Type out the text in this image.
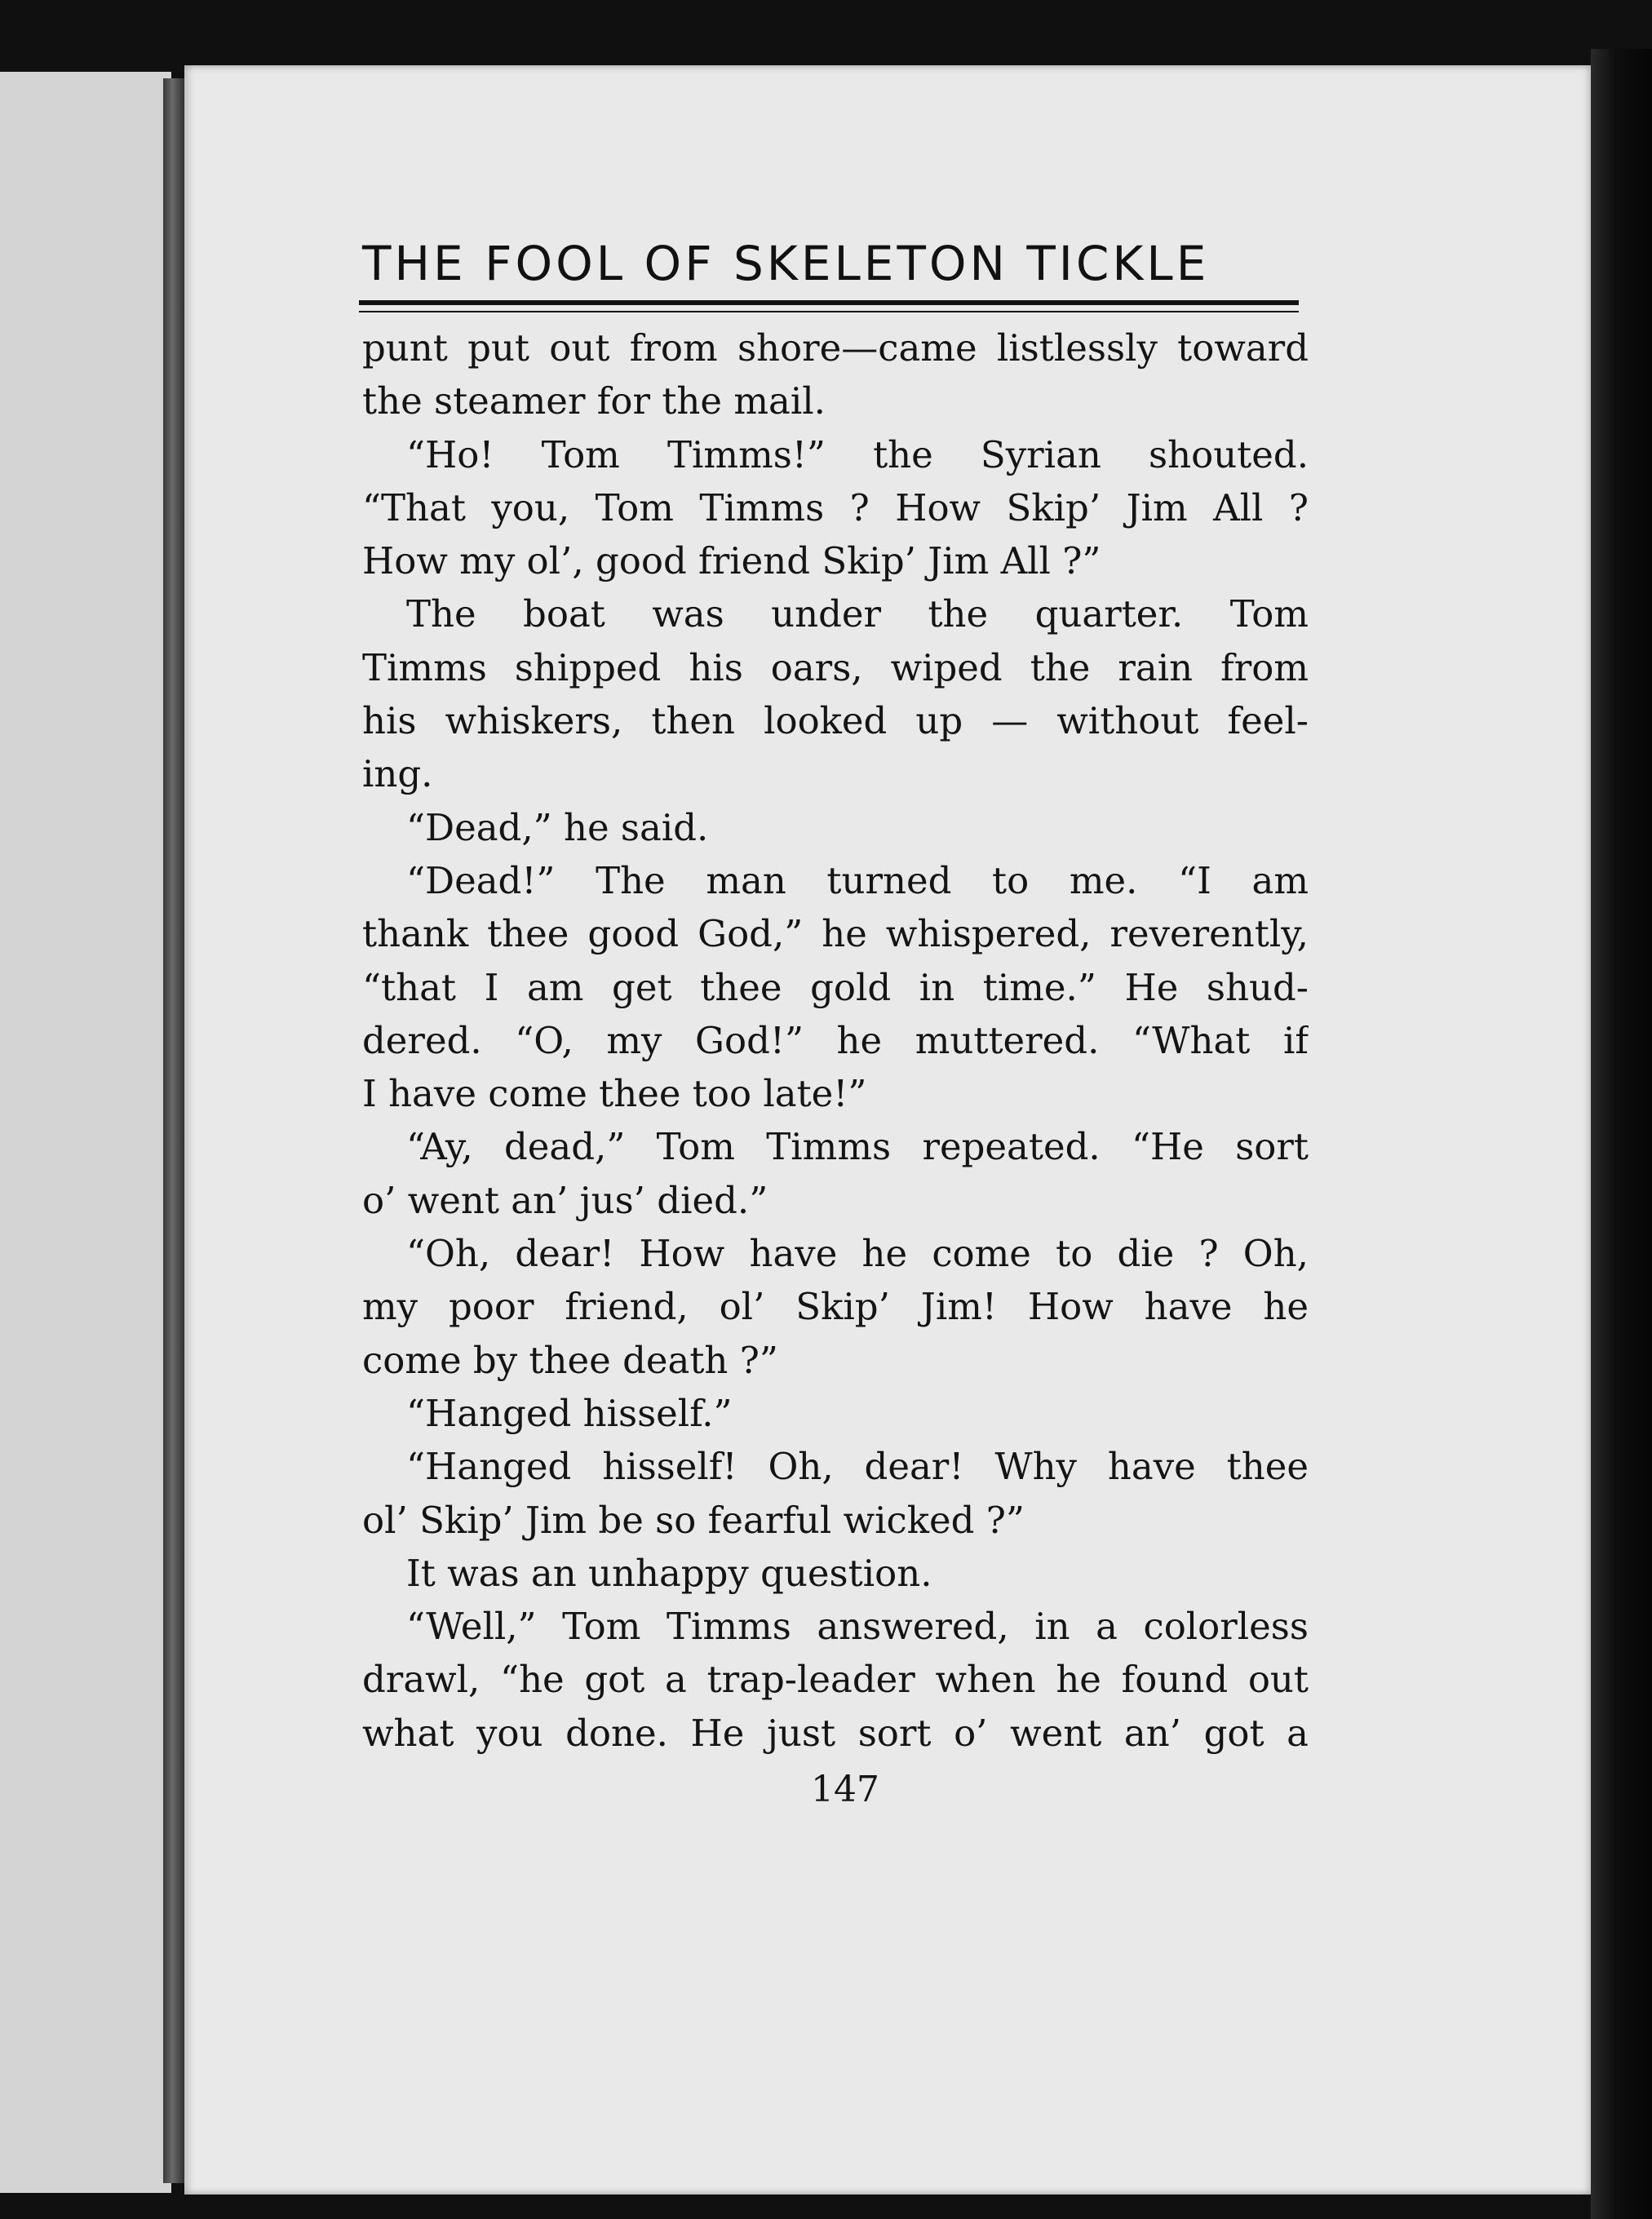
THE FOOL OF SKELETON TICKLE
punt put out from shore—came listlessly toward
the steamer for the mail.
“Ho! Tom Timms!” the Syrian shouted.
“That you, Tom Timms ? How Skip’ Jim All ?
How my ol’, good friend Skip’ Jim All ?”
The boat was under the quarter. Tom
Timms shipped his oars, wiped the rain from
his whiskers, then looked up — without feel-
ing.
“Dead,” he said.
“Dead!” The man turned to me. “I am
thank thee good God,” he whispered, reverently,
“that I am get thee gold in time.” He shud-
dered. “O, my God!” he muttered. “What if
I have come thee too late!”
“Ay, dead,” Tom Timms repeated. “He sort
o’ went an’ jus’ died.”
“Oh, dear! How have he come to die ? Oh,
my poor friend, ol’ Skip’ Jim! How have he
come by thee death ?”
“Hanged hisself.”
“Hanged hisself! Oh, dear! Why have thee
ol’ Skip’ Jim be so fearful wicked ?”
It was an unhappy question.
“Well,” Tom Timms answered, in a colorless
drawl, “he got a trap-leader when he found out
what you done. He just sort o’ went an’ got a
147
